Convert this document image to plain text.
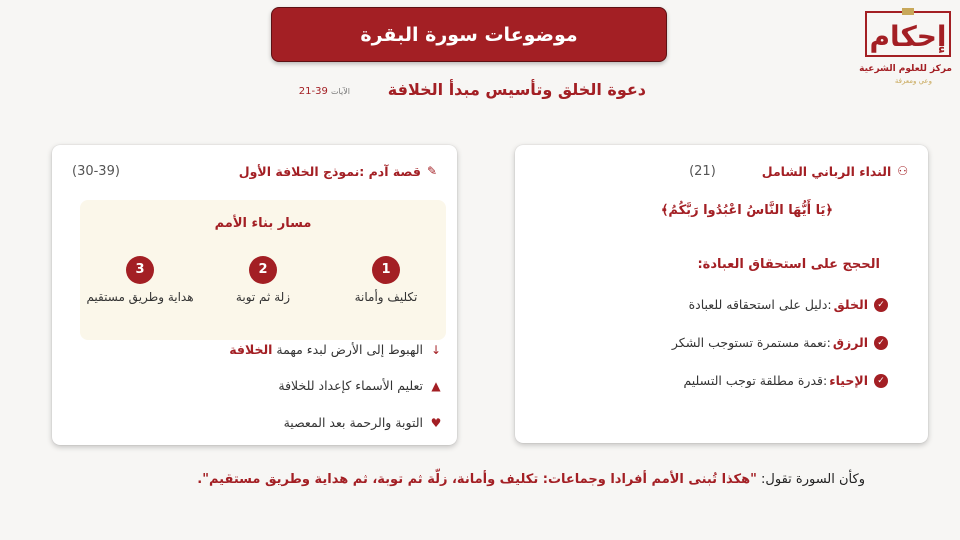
موضوعات سورة البقرة	إحكام
مركز للعلوم الشرعية
وعي ومعرفة
دعوة الخلق وتأسيس مبدأ الخلافة
الآيات 39-21
⚇
النداء الرباني الشامل
(21)
﴿يَا أَيُّهَا النَّاسُ اعْبُدُوا رَبَّكُمُ﴾
الحجج على استحقاق العبادة:
✓
الخلق
:دليل على استحقاقه للعبادة
✓
الرزق
:نعمة مستمرة تستوجب الشكر
✓
الإحياء
:قدرة مطلقة توجب التسليم
✎
قصة آدم :نموذج الخلافة الأول
(30-39)
مسار بناء الأمم
1
تكليف وأمانة
2
زلة ثم توبة
3
هداية وطريق مستقيم
↓
الهبوط إلى الأرض لبدء مهمة الخلافة
▲
تعليم الأسماء كإعداد للخلافة
♥
التوبة والرحمة بعد المعصية
وكأن السورة تقول: "هكذا تُبنى الأمم أفرادا وجماعات: تكليف وأمانة، زلّة ثم توبة، ثم هداية وطريق مستقيم".
